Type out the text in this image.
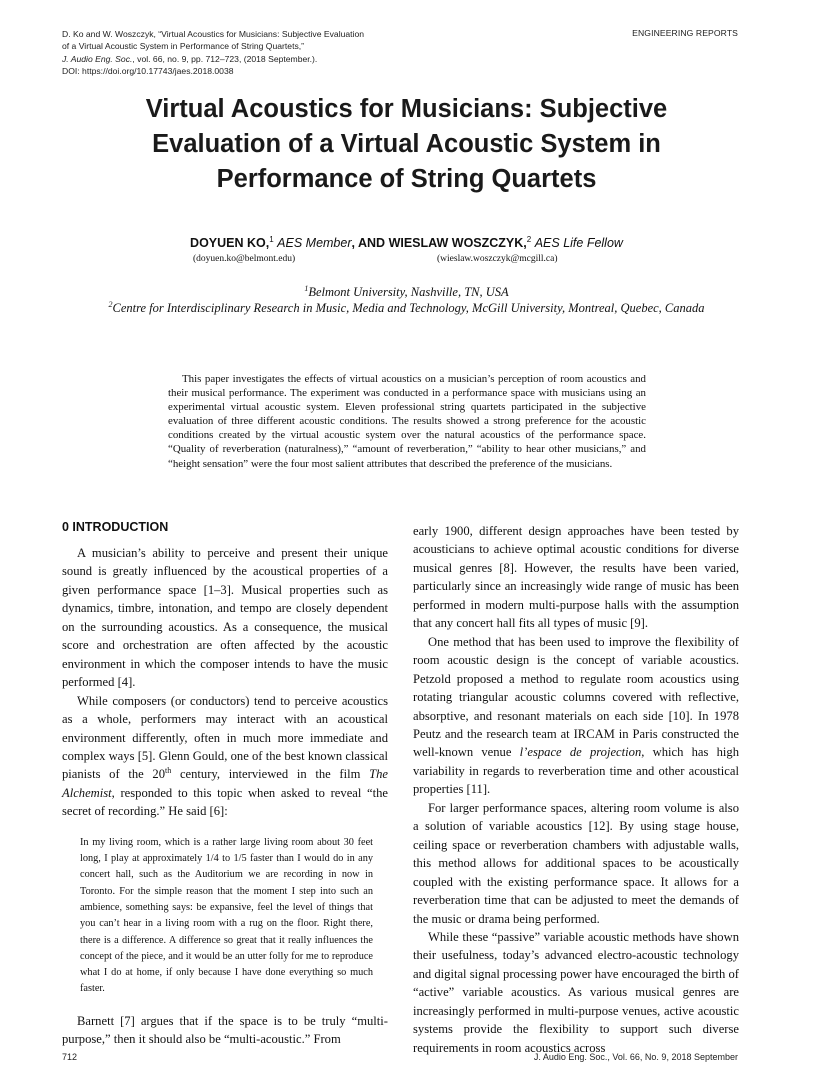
D. Ko and W. Woszczyk, “Virtual Acoustics for Musicians: Subjective Evaluation
of a Virtual Acoustic System in Performance of String Quartets,”
J. Audio Eng. Soc., vol. 66, no. 9, pp. 712–723, (2018 September.).
DOI: https://doi.org/10.17743/jaes.2018.0038
ENGINEERING REPORTS
Virtual Acoustics for Musicians: Subjective
Evaluation of a Virtual Acoustic System in
Performance of String Quartets
DOYUEN KO,$^1$ AES Member, AND WIESLAW WOSZCZYK,$^2$ AES Life Fellow
(doyuen.ko@belmont.edu)	(wieslaw.woszczyk@mcgill.ca)
$^1$Belmont University, Nashville, TN, USA
$^2$Centre for Interdisciplinary Research in Music, Media and Technology, McGill University, Montreal, Quebec, Canada
This paper investigates the effects of virtual acoustics on a musician’s perception of room acoustics and their musical performance. The experiment was conducted in a performance space with musicians using an experimental virtual acoustic system. Eleven professional string quartets participated in the subjective evaluation of three different acoustic conditions. The results showed a strong preference for the acoustic conditions created by the virtual acoustic system over the natural acoustics of the performance space. “Quality of reverberation (naturalness),” “amount of reverberation,” “ability to hear other musicians,” and “height sensation” were the four most salient attributes that described the preference of the musicians.
0 INTRODUCTION

A musician’s ability to perceive and present their unique sound is greatly influenced by the acoustical properties of a given performance space [1–3]. Musical properties such as dynamics, timbre, intonation, and tempo are closely dependent on the surrounding acoustics. As a consequence, the musical score and orchestration are often affected by the acoustic environment in which the composer intends to have the music performed [4].

While composers (or conductors) tend to perceive acoustics as a whole, performers may interact with an acoustical environment differently, often in much more immediate and complex ways [5]. Glenn Gould, one of the best known classical pianists of the 20th century, interviewed in the film The Alchemist, responded to this topic when asked to reveal “the secret of recording.” He said [6]:

In my living room, which is a rather large living room about 30 feet long, I play at approximately 1/4 to 1/5 faster than I would do in any concert hall, such as the Auditorium we are recording in now in Toronto. For the simple reason that the moment I step into such an ambience, something says: be expansive, feel the level of things that you can’t hear in a living room with a rug on the floor. Right there, there is a difference. A difference so great that it really influences the concept of the piece, and it would be an utter folly for me to reproduce what I do at home, if only because I have done everything so much faster.

Barnett [7] argues that if the space is to be truly “multi-purpose,” then it should also be “multi-acoustic.” From

early 1900, different design approaches have been tested by acousticians to achieve optimal acoustic conditions for diverse musical genres [8]. However, the results have been varied, particularly since an increasingly wide range of music has been performed in modern multi-purpose halls with the assumption that any concert hall fits all types of music [9].

One method that has been used to improve the flexibility of room acoustic design is the concept of variable acoustics. Petzold proposed a method to regulate room acoustics using rotating triangular acoustic columns covered with reflective, absorptive, and resonant materials on each side [10]. In 1978 Peutz and the research team at IRCAM in Paris constructed the well-known venue l’espace de projection, which has high variability in regards to reverberation time and other acoustical properties [11].

For larger performance spaces, altering room volume is also a solution of variable acoustics [12]. By using stage house, ceiling space or reverberation chambers with adjustable walls, this method allows for additional spaces to be acoustically coupled with the existing performance space. It allows for a reverberation time that can be adjusted to meet the demands of the music or drama being performed.

While these “passive” variable acoustic methods have shown their usefulness, today’s advanced electro-acoustic technology and digital signal processing power have encouraged the birth of “active” variable acoustics. As various musical genres are increasingly performed in multi-purpose venues, active acoustic systems provide the flexibility to support such diverse requirements in room acoustics across

712	J. Audio Eng. Soc., Vol. 66, No. 9, 2018 September
